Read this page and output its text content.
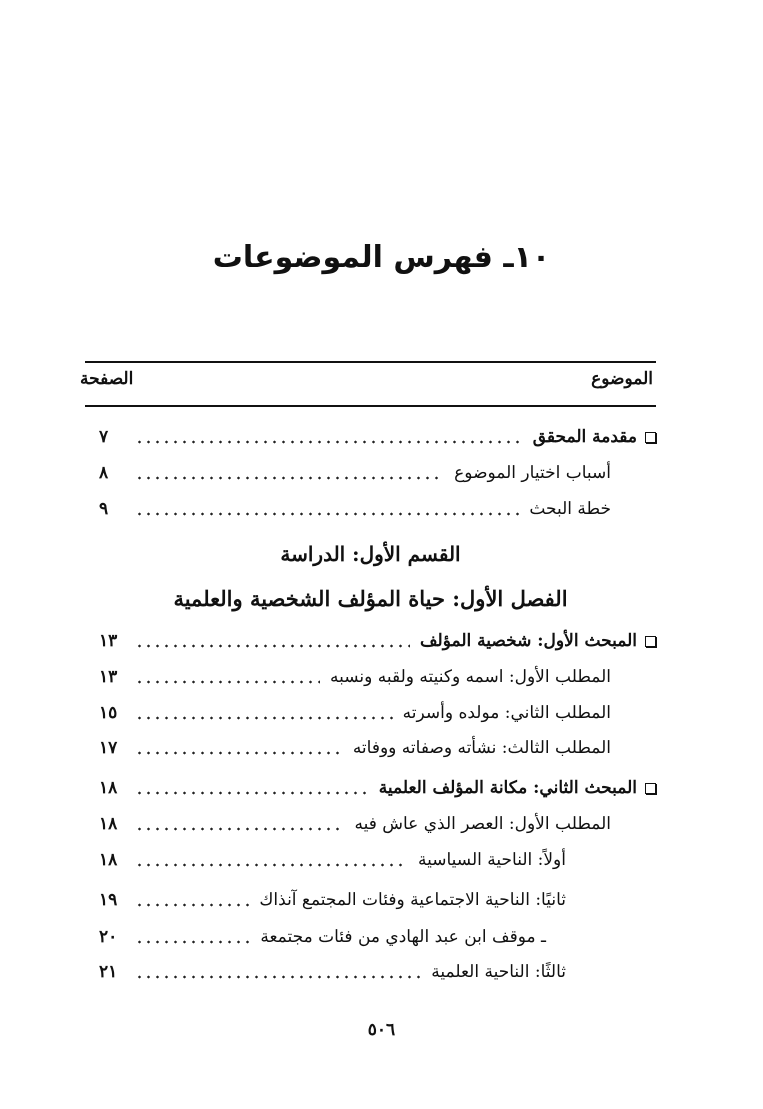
١٠ـ فهرس الموضوعات
الموضوع
الصفحة
مقدمة المحقق
٧
أسباب اختيار الموضوع
٨
خطة البحث
٩
القسم الأول: الدراسة
الفصل الأول: حياة المؤلف الشخصية والعلمية
المبحث الأول: شخصية المؤلف
١٣
المطلب الأول: اسمه وكنيته ولقبه ونسبه
١٣
المطلب الثاني: مولده وأسرته
١٥
المطلب الثالث: نشأته وصفاته ووفاته
١٧
المبحث الثاني: مكانة المؤلف العلمية
١٨
المطلب الأول: العصر الذي عاش فيه
١٨
أولاً: الناحية السياسية
١٨
ثانيًا: الناحية الاجتماعية وفئات المجتمع آنذاك
١٩
ـ موقف ابن عبد الهادي من فئات مجتمعة
٢٠
ثالثًا: الناحية العلمية
٢١
٥٠٦
